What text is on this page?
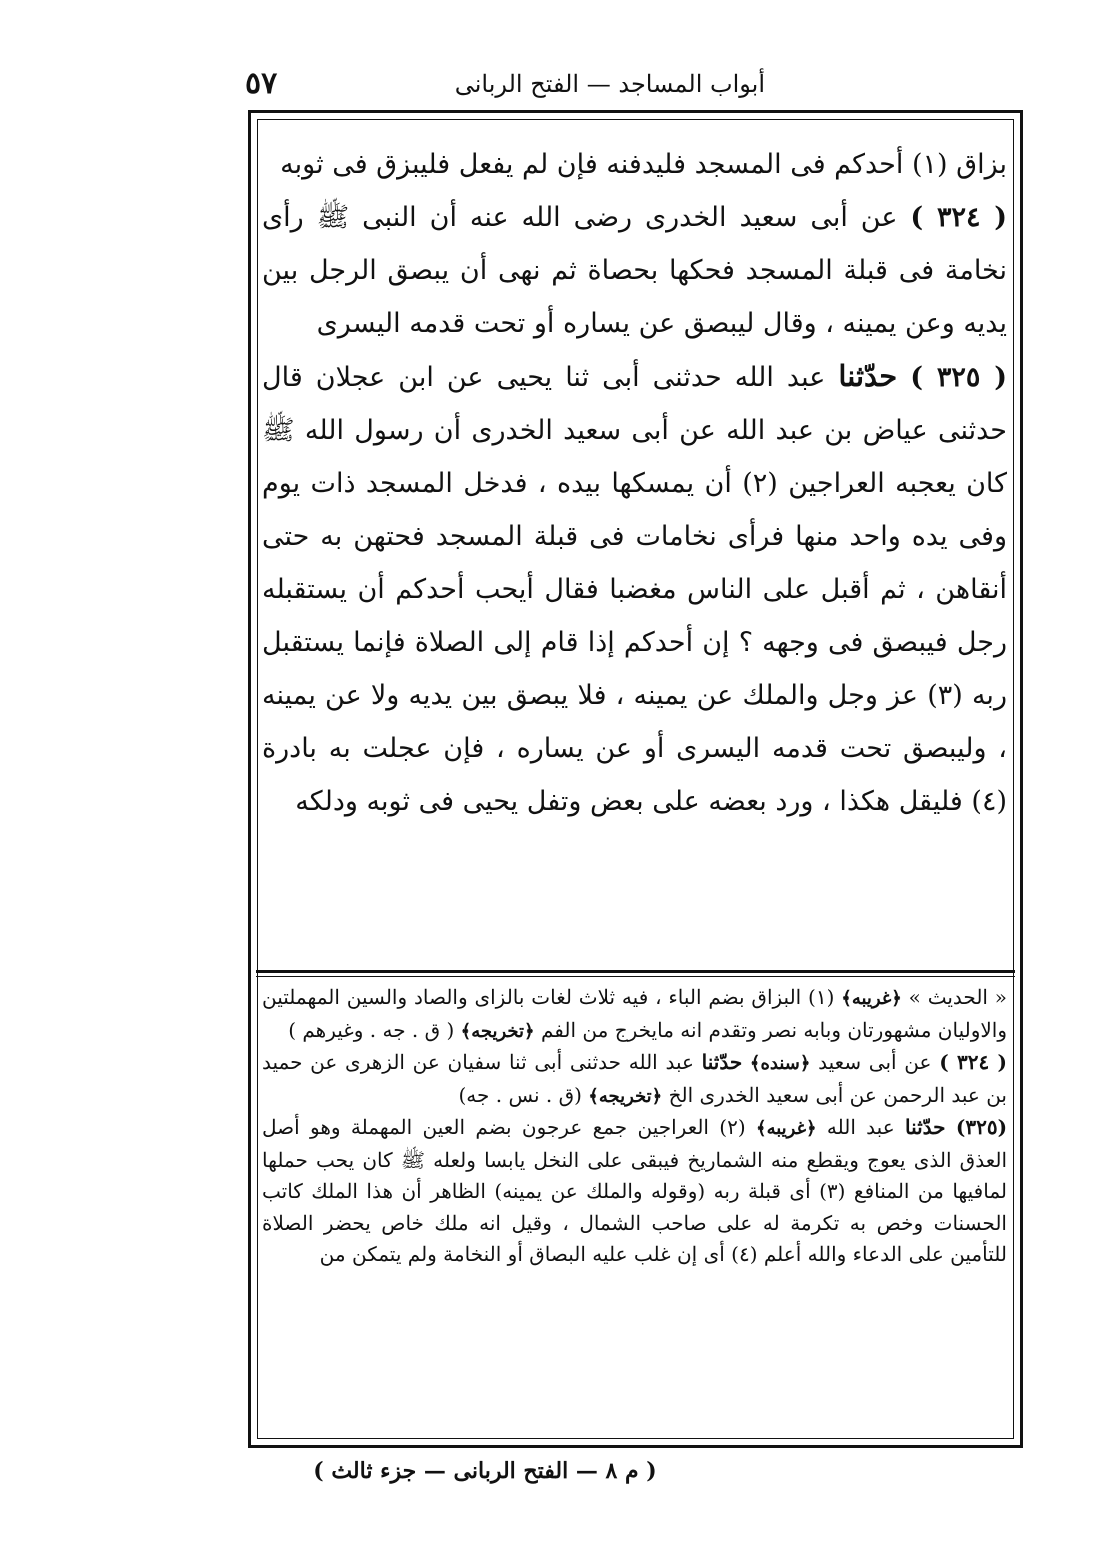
٥٧	أبواب المساجد — الفتح الربانى

بزاق (١) أحدكم فى المسجد فليدفنه فإن لم يفعل فليبزق فى ثوبه

( ٣٢٤ ) عن أبى سعيد الخدرى رضى الله عنه أن النبى ﷺ رأى نخامة فى قبلة المسجد فحكها بحصاة ثم نهى أن يبصق الرجل بين يديه وعن يمينه ، وقال ليبصق عن يساره أو تحت قدمه اليسرى

( ٣٢٥ ) حدّثنا عبد الله حدثنى أبى ثنا يحيى عن ابن عجلان قال حدثنى عياض بن عبد الله عن أبى سعيد الخدرى أن رسول الله ﷺ كان يعجبه العراجين (٢) أن يمسكها بيده ، فدخل المسجد ذات يوم وفى يده واحد منها فرأى نخامات فى قبلة المسجد فحتهن به حتى أنقاهن ، ثم أقبل على الناس مغضبا فقال أيحب أحدكم أن يستقبله رجل فيبصق فى وجهه ؟ إن أحدكم إذا قام إلى الصلاة فإنما يستقبل ربه (٣) عز وجل والملك عن يمينه ، فلا يبصق بين يديه ولا عن يمينه ، وليبصق تحت قدمه اليسرى أو عن يساره ، فإن عجلت به بادرة (٤) فليقل هكذا ، ورد بعضه على بعض وتفل يحيى فى ثوبه ودلكه

« الحديث » ﴿غريبه﴾ (١) البزاق بضم الباء ، فيه ثلاث لغات بالزاى والصاد والسين المهملتين والاوليان مشهورتان وبابه نصر وتقدم انه مايخرج من الفم ﴿تخريجه﴾ ( ق . جه . وغيرهم )

( ٣٢٤ ) عن أبى سعيد ﴿سنده﴾ حدّثنا عبد الله حدثنى أبى ثنا سفيان عن الزهرى عن حميد بن عبد الرحمن عن أبى سعيد الخدرى الخ ﴿تخريجه﴾ (ق . نس . جه)

(٣٢٥) حدّثنا عبد الله ﴿غريبه﴾ (٢) العراجين جمع عرجون بضم العين المهملة وهو أصل العذق الذى يعوج ويقطع منه الشماريخ فيبقى على النخل يابسا ولعله ﷺ كان يحب حملها لمافيها من المنافع (٣) أى قبلة ربه (وقوله والملك عن يمينه) الظاهر أن هذا الملك كاتب الحسنات وخص به تكرمة له على صاحب الشمال ، وقيل انه ملك خاص يحضر الصلاة للتأمين على الدعاء والله أعلم (٤) أى إن غلب عليه البصاق أو النخامة ولم يتمكن من

( م ٨ — الفتح الربانى — جزء ثالث )
